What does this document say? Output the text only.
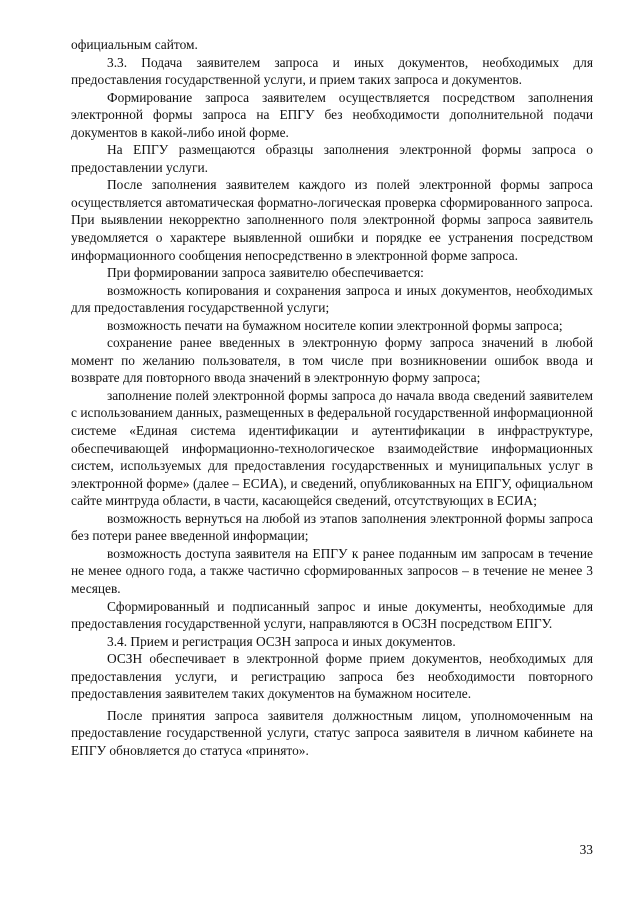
официальным сайтом.

3.3. Подача заявителем запроса и иных документов, необходимых для предоставления государственной услуги, и прием таких запроса и документов.

Формирование запроса заявителем осуществляется посредством заполнения электронной формы запроса на ЕПГУ без необходимости дополнительной подачи документов в какой-либо иной форме.

На ЕПГУ размещаются образцы заполнения электронной формы запроса о предоставлении услуги.

После заполнения заявителем каждого из полей электронной формы запроса осуществляется автоматическая форматно-логическая проверка сформированного запроса. При выявлении некорректно заполненного поля электронной формы запроса заявитель уведомляется о характере выявленной ошибки и порядке ее устранения посредством информационного сообщения непосредственно в электронной форме запроса.

При формировании запроса заявителю обеспечивается:

возможность копирования и сохранения запроса и иных документов, необходимых для предоставления государственной услуги;

возможность печати на бумажном носителе копии электронной формы запроса;

сохранение ранее введенных в электронную форму запроса значений в любой момент по желанию пользователя, в том числе при возникновении ошибок ввода и возврате для повторного ввода значений в электронную форму запроса;

заполнение полей электронной формы запроса до начала ввода сведений заявителем с использованием данных, размещенных в федеральной государственной информационной системе «Единая система идентификации и аутентификации в инфраструктуре, обеспечивающей информационно-технологическое взаимодействие информационных систем, используемых для предоставления государственных и муниципальных услуг в электронной форме» (далее – ЕСИА), и сведений, опубликованных на ЕПГУ, официальном сайте минтруда области, в части, касающейся сведений, отсутствующих в ЕСИА;

возможность вернуться на любой из этапов заполнения электронной формы запроса без потери ранее введенной информации;

возможность доступа заявителя на ЕПГУ к ранее поданным им запросам в течение не менее одного года, а также частично сформированных запросов – в течение не менее 3 месяцев.

Сформированный и подписанный запрос и иные документы, необходимые для предоставления государственной услуги, направляются в ОСЗН посредством ЕПГУ.

3.4. Прием и регистрация ОСЗН запроса и иных документов.

ОСЗН обеспечивает в электронной форме прием документов, необходимых для предоставления услуги, и регистрацию запроса без необходимости повторного предоставления заявителем таких документов на бумажном носителе.

После принятия запроса заявителя должностным лицом, уполномоченным на предоставление государственной услуги, статус запроса заявителя в личном кабинете на ЕПГУ обновляется до статуса «принято».

33
